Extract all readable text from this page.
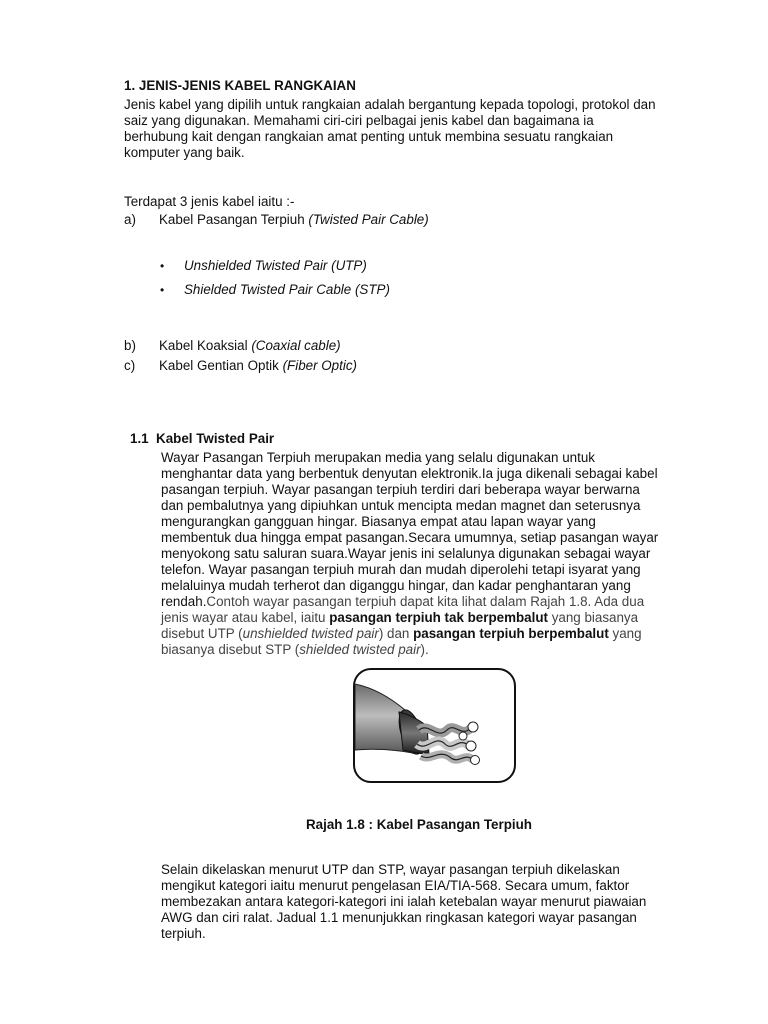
1. JENIS-JENIS KABEL RANGKAIAN

Jenis kabel yang dipilih untuk rangkaian adalah bergantung kepada topologi, protokol dan

saiz yang digunakan. Memahami ciri-ciri pelbagai jenis kabel dan bagaimana ia

berhubung kait dengan rangkaian amat penting untuk membina sesuatu rangkaian

komputer yang baik.

Terdapat 3 jenis kabel iaitu :-
a) Kabel Pasangan Terpiuh (Twisted Pair Cable)
• Unshielded Twisted Pair (UTP)
• Shielded Twisted Pair Cable (STP)
b) Kabel Koaksial (Coaxial cable)
c) Kabel Gentian Optik (Fiber Optic)
1.1  Kabel Twisted Pair

Wayar Pasangan Terpiuh merupakan media yang selalu digunakan untuk

menghantar data yang berbentuk denyutan elektronik.Ia juga dikenali sebagai kabel

pasangan terpiuh. Wayar pasangan terpiuh terdiri dari beberapa wayar berwarna

dan pembalutnya yang dipiuhkan untuk mencipta medan magnet dan seterusnya

mengurangkan gangguan hingar. Biasanya empat atau lapan wayar yang

membentuk dua hingga empat pasangan.Secara umumnya, setiap pasangan wayar

menyokong satu saluran suara.Wayar jenis ini selalunya digunakan sebagai wayar

telefon. Wayar pasangan terpiuh murah dan mudah diperolehi tetapi isyarat yang

melaluinya mudah terherot dan diganggu hingar, dan kadar penghantaran yang

rendah.Contoh wayar pasangan terpiuh dapat kita lihat dalam Rajah 1.8. Ada dua

jenis wayar atau kabel, iaitu pasangan terpiuh tak berpembalut yang biasanya

disebut UTP (unshielded twisted pair) dan pasangan terpiuh berpembalut yang

biasanya disebut STP (shielded twisted pair).

Rajah 1.8 : Kabel Pasangan Terpiuh

Selain dikelaskan menurut UTP dan STP, wayar pasangan terpiuh dikelaskan

mengikut kategori iaitu menurut pengelasan EIA/TIA-568. Secara umum, faktor

membezakan antara kategori-kategori ini ialah ketebalan wayar menurut piawaian

AWG dan ciri ralat. Jadual 1.1 menunjukkan ringkasan kategori wayar pasangan

terpiuh.
